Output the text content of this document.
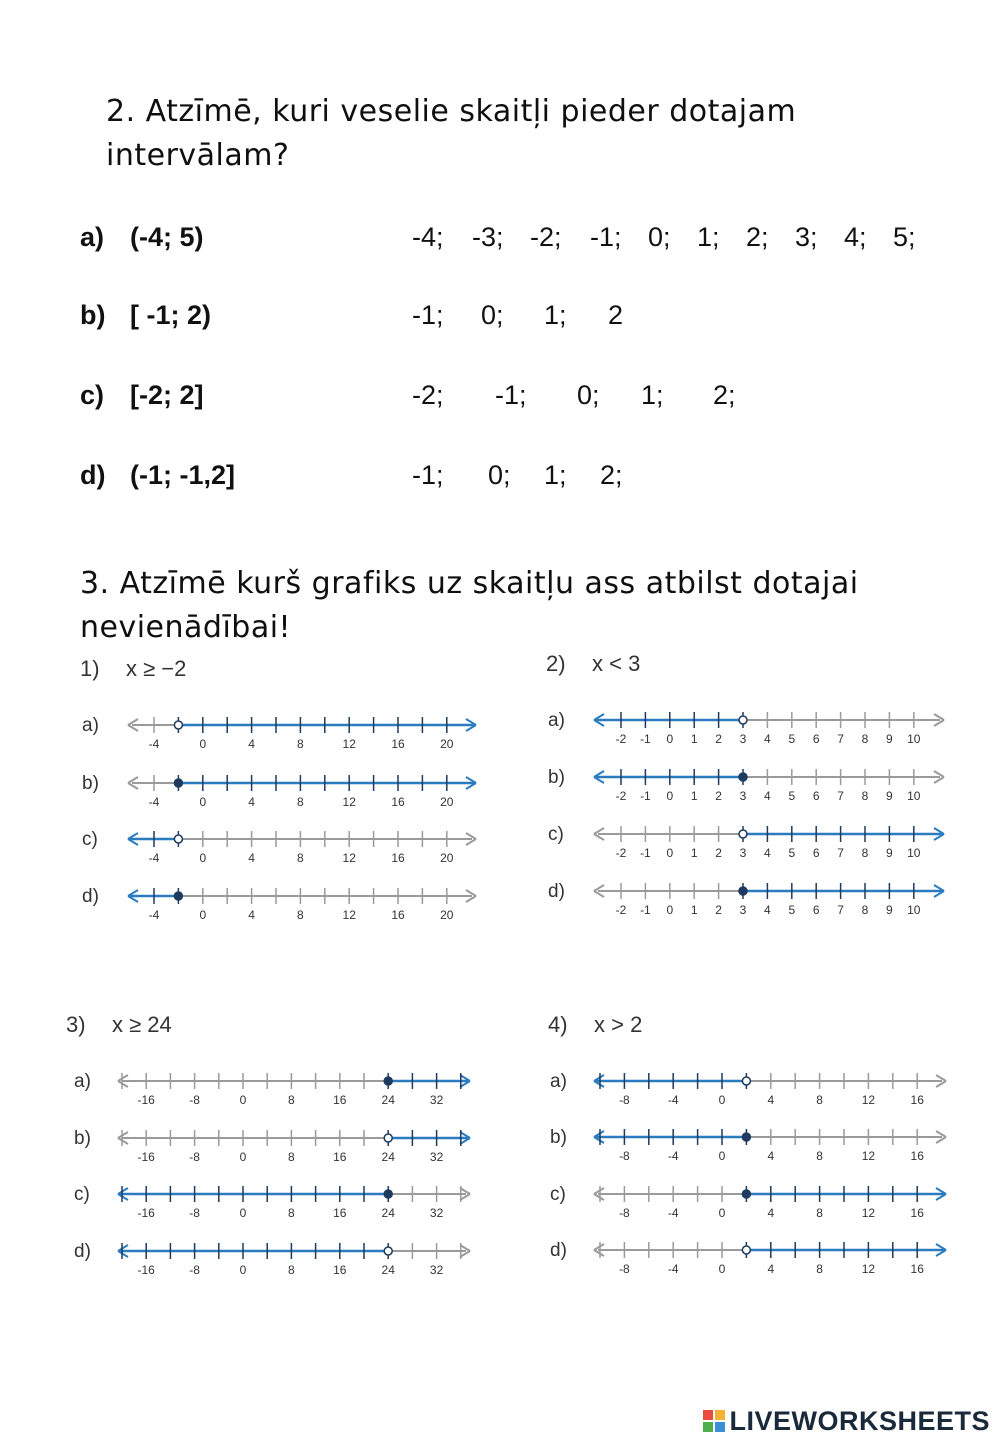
2. Atzīmē, kuri veselie skaitļi pieder dotajam intervālam?
a) (-4; 5)	-4; -3; -2; -1; 0; 1; 2; 3; 4; 5;
b) [ -1; 2)	-1; 0; 1; 2
c) [-2; 2]	-2; -1; 0; 1; 2;
d) (-1; -1,2]	-1; 0; 1; 2;
3. Atzīmē kurš grafiks uz skaitļu ass atbilst dotajai nevienādībai!
a)
-4	0	4	8	12	16	20
b)
-4	0	4	8	12	16	20
c)
-4	0	4	8	12	16	20
d)
-4	0	4	8	12	16	20
a)
-2 -1 0 1 2 3 4 5 6 7 8 9 10
b)
-2 -1 0 1 2 3 4 5 6 7 8 9 10
c)
-2 -1 0 1 2 3 4 5 6 7 8 9 10
d)
-2 -1 0 1 2 3 4 5 6 7 8 9 10
a)
-16	-8	0	8	16	24	32
b)
-16	-8	0	8	16	24	32
c)
-16	-8	0	8	16	24	32
d)
-16	-8	0	8	16	24	32
a)
-8	-4	0	4	8	12	16
b)
-8	-4	0	4	8	12	16
c)
-8	-4	0	4	8	12	16
d)
-8	-4	0	4	8	12	16
1) x ≥ −2	2) x < 3
3) x ≥ 24	4) x > 2
LIVEWORKSHEETS
